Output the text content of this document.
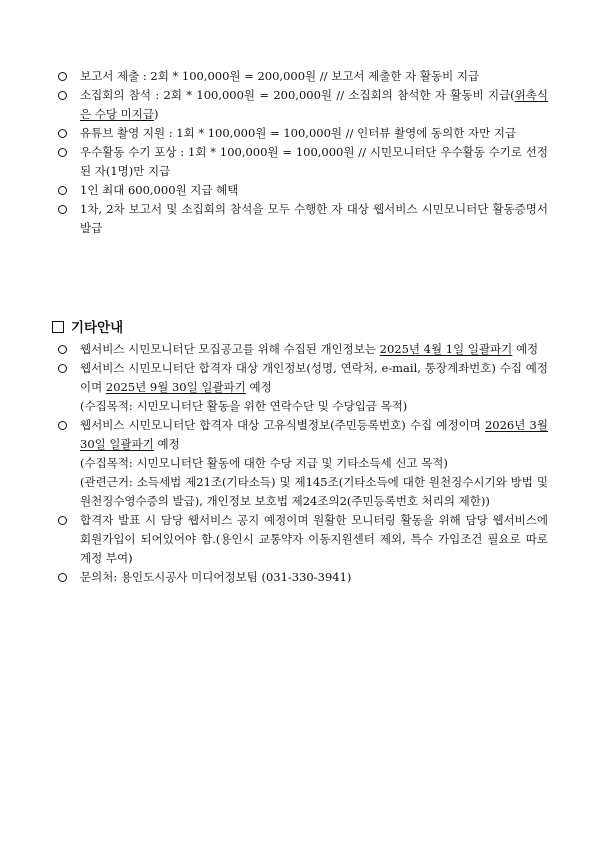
보고서 제출 : 2회 * 100,000원 = 200,000원 // 보고서 제출한 자 활동비 지급
소집회의 참석 : 2회 * 100,000원 = 200,000원 // 소집회의 참석한 자 활동비 지급(위촉식은 수당 미지급)
유튜브 촬영 지원 : 1회 * 100,000원 = 100,000원 // 인터뷰 촬영에 동의한 자만 지급
우수활동 수기 포상 : 1회 * 100,000원 = 100,000원 // 시민모니터단 우수활동 수기로 선정된 자(1명)만 지급
1인 최대 600,000원 지급 혜택
1차, 2차 보고서 및 소집회의 참석을 모두 수행한 자 대상 웹서비스 시민모니터단 활동증명서 발급
기타안내
웹서비스 시민모니터단 모집공고를 위해 수집된 개인정보는 2025년 4월 1일 일괄파기 예정
웹서비스 시민모니터단 합격자 대상 개인정보(성명, 연락처, e-mail, 통장계좌번호) 수집 예정이며 2025년 9월 30일 일괄파기 예정
(수집목적: 시민모니터단 활동을 위한 연락수단 및 수당입금 목적)
웹서비스 시민모니터단 합격자 대상 고유식별정보(주민등록번호) 수집 예정이며 2026년 3월 30일 일괄파기 예정
(수집목적: 시민모니터단 활동에 대한 수당 지급 및 기타소득세 신고 목적)
(관련근거: 소득세법 제21조(기타소득) 및 제145조(기타소득에 대한 원천징수시기와 방법 및 원천징수영수증의 발급), 개인정보 보호법 제24조의2(주민등록번호 처리의 제한))
합격자 발표 시 담당 웹서비스 공지 예정이며 원활한 모니터링 활동을 위해 담당 웹서비스에 회원가입이 되어있어야 함.(용인시 교통약자 이동지원센터 제외, 특수 가입조건 필요로 따로 계정 부여)
문의처: 용인도시공사 미디어정보팀 (031-330-3941)
